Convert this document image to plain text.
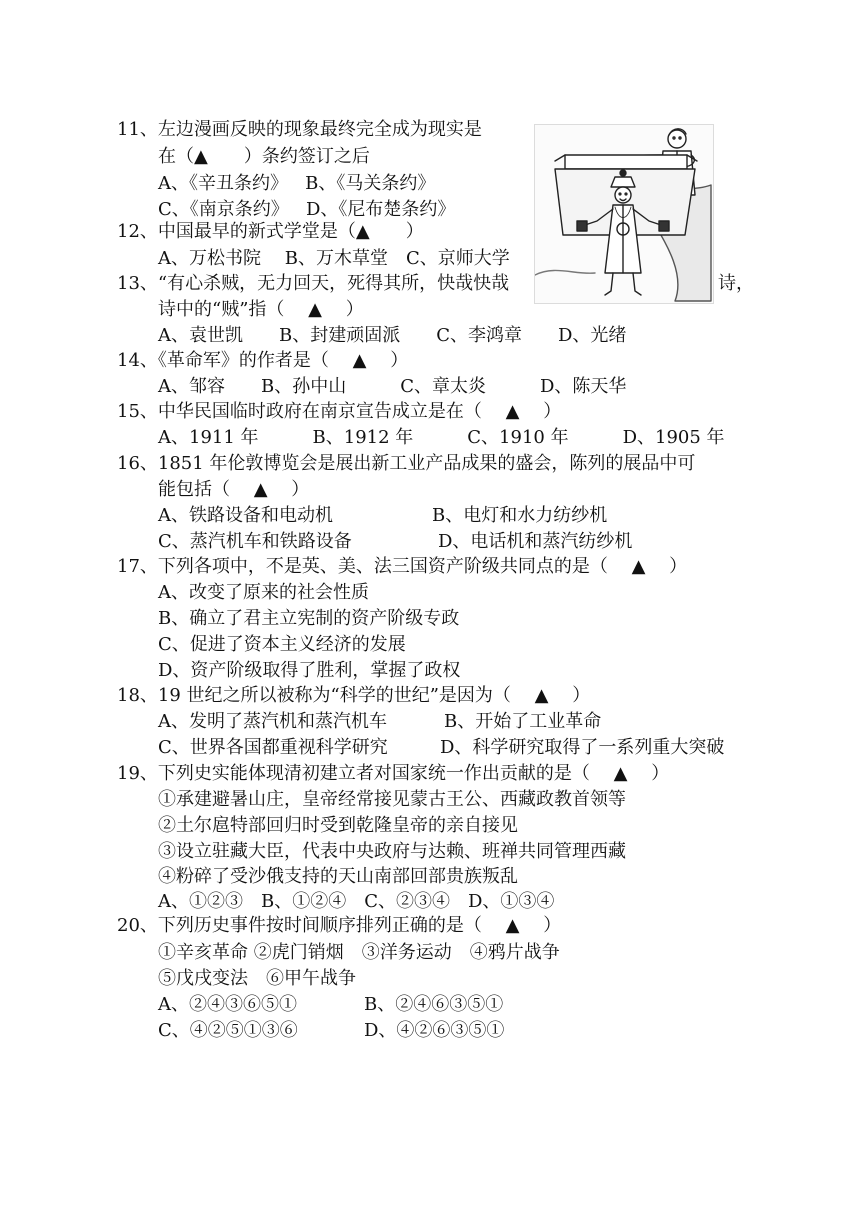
11、左边漫画反映的现象最终完全成为现实是
在（▲　　）条约签订之后
A、《辛丑条约》 B、《马关条约》
C、《南京条约》 D、《尼布楚条约》
12、中国最早的新式学堂是（▲　　）
A、万松书院　 B、万木草堂　C、京师大学
13、“有心杀贼，无力回天，死得其所，快哉快哉	诗，
诗中的“贼”指（　 ▲　 ）
A、袁世凯　　B、封建顽固派　　C、李鸿章　　D、光绪
14、《革命军》的作者是（　 ▲　 ）
A、邹容　　B、孙中山　　　C、章太炎　　　D、陈天华
15、中华民国临时政府在南京宣告成立是在（　 ▲　 ）
A、1911 年　　　B、1912 年　　　C、1910 年　　　D、1905 年
16、1851 年伦敦博览会是展出新工业产品成果的盛会，陈列的展品中可
能包括（　 ▲　 ）
A、铁路设备和电动机	B、电灯和水力纺纱机
C、蒸汽机车和铁路设备	D、电话机和蒸汽纺纱机
17、下列各项中，不是英、美、法三国资产阶级共同点的是（　 ▲　 ）
A、改变了原来的社会性质
B、确立了君主立宪制的资产阶级专政
C、促进了资本主义经济的发展
D、资产阶级取得了胜利，掌握了政权
18、19 世纪之所以被称为“科学的世纪”是因为（　 ▲　 ）
A、发明了蒸汽机和蒸汽机车	B、开始了工业革命
C、世界各国都重视科学研究	D、科学研究取得了一系列重大突破
19、下列史实能体现清初建立者对国家统一作出贡献的是（　 ▲　 ）
①承建避暑山庄，皇帝经常接见蒙古王公、西藏政教首领等
②土尔扈特部回归时受到乾隆皇帝的亲自接见
③设立驻藏大臣，代表中央政府与达赖、班禅共同管理西藏
④粉碎了受沙俄支持的天山南部回部贵族叛乱
A、①②③　B、①②④　C、②③④　D、①③④
20、下列历史事件按时间顺序排列正确的是（　 ▲　 ）
①辛亥革命 ②虎门销烟　③洋务运动　④鸦片战争
⑤戊戌变法　⑥甲午战争
A、②④③⑥⑤①	B、②④⑥③⑤①
C、④②⑤①③⑥	D、④②⑥③⑤①
